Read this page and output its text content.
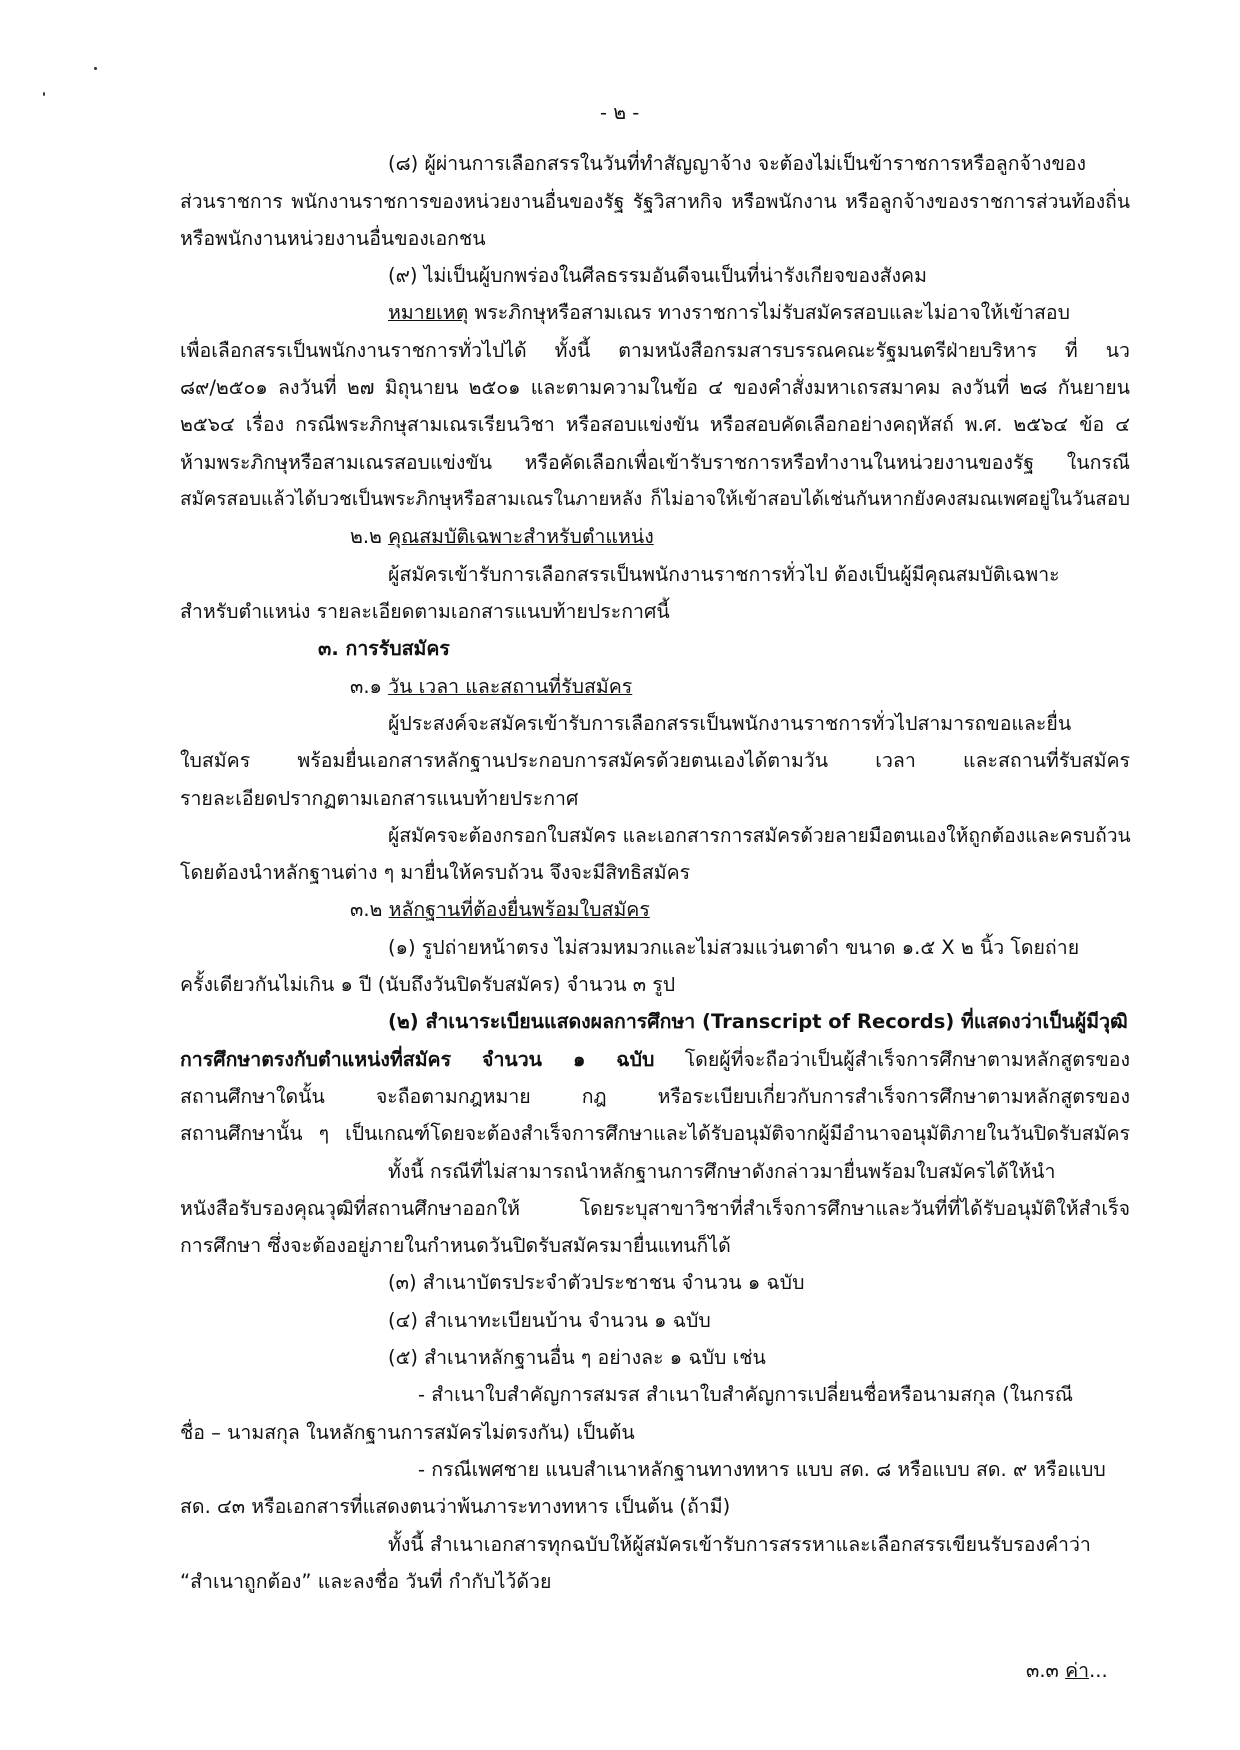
- ๒ -
(๘) ผู้ผ่านการเลือกสรรในวันที่ทำสัญญาจ้าง จะต้องไม่เป็นข้าราชการหรือลูกจ้างของ
ส่วนราชการ พนักงานราชการของหน่วยงานอื่นของรัฐ รัฐวิสาหกิจ หรือพนักงาน หรือลูกจ้างของราชการส่วนท้องถิ่น
หรือพนักงานหน่วยงานอื่นของเอกชน
(๙) ไม่เป็นผู้บกพร่องในศีลธรรมอันดีจนเป็นที่น่ารังเกียจของสังคม
หมายเหตุ พระภิกษุหรือสามเณร ทางราชการไม่รับสมัครสอบและไม่อาจให้เข้าสอบ
เพื่อเลือกสรรเป็นพนักงานราชการทั่วไปได้ ทั้งนี้ ตามหนังสือกรมสารบรรณคณะรัฐมนตรีฝ่ายบริหาร ที่ นว
๘๙/๒๕๐๑ ลงวันที่ ๒๗ มิถุนายน ๒๕๐๑ และตามความในข้อ ๔ ของคำสั่งมหาเถรสมาคม ลงวันที่ ๒๘ กันยายน
๒๕๖๔ เรื่อง กรณีพระภิกษุสามเณรเรียนวิชา หรือสอบแข่งขัน หรือสอบคัดเลือกอย่างคฤหัสถ์ พ.ศ. ๒๕๖๔ ข้อ ๔
ห้ามพระภิกษุหรือสามเณรสอบแข่งขัน หรือคัดเลือกเพื่อเข้ารับราชการหรือทำงานในหน่วยงานของรัฐ ในกรณี
สมัครสอบแล้วได้บวชเป็นพระภิกษุหรือสามเณรในภายหลัง ก็ไม่อาจให้เข้าสอบได้เช่นกันหากยังคงสมณเพศอยู่ในวันสอบ
๒.๒ คุณสมบัติเฉพาะสำหรับตำแหน่ง
ผู้สมัครเข้ารับการเลือกสรรเป็นพนักงานราชการทั่วไป ต้องเป็นผู้มีคุณสมบัติเฉพาะ
สำหรับตำแหน่ง รายละเอียดตามเอกสารแนบท้ายประกาศนี้
๓. การรับสมัคร
๓.๑ วัน เวลา และสถานที่รับสมัคร
ผู้ประสงค์จะสมัครเข้ารับการเลือกสรรเป็นพนักงานราชการทั่วไปสามารถขอและยื่น
ใบสมัคร พร้อมยื่นเอกสารหลักฐานประกอบการสมัครด้วยตนเองได้ตามวัน เวลา และสถานที่รับสมัคร
รายละเอียดปรากฏตามเอกสารแนบท้ายประกาศ
ผู้สมัครจะต้องกรอกใบสมัคร และเอกสารการสมัครด้วยลายมือตนเองให้ถูกต้องและครบถ้วน
โดยต้องนำหลักฐานต่าง ๆ มายื่นให้ครบถ้วน จึงจะมีสิทธิสมัคร
๓.๒ หลักฐานที่ต้องยื่นพร้อมใบสมัคร
(๑) รูปถ่ายหน้าตรง ไม่สวมหมวกและไม่สวมแว่นตาดำ ขนาด ๑.๕ X ๒ นิ้ว โดยถ่าย
ครั้งเดียวกันไม่เกิน ๑ ปี (นับถึงวันปิดรับสมัคร) จำนวน ๓ รูป
(๒) สำเนาระเบียนแสดงผลการศึกษา (Transcript of Records) ที่แสดงว่าเป็นผู้มีวุฒิ
การศึกษาตรงกับตำแหน่งที่สมัคร จำนวน ๑ ฉบับ โดยผู้ที่จะถือว่าเป็นผู้สำเร็จการศึกษาตามหลักสูตรของ
สถานศึกษาใดนั้น จะถือตามกฎหมาย กฎ หรือระเบียบเกี่ยวกับการสำเร็จการศึกษาตามหลักสูตรของ
สถานศึกษานั้น ๆ เป็นเกณฑ์โดยจะต้องสำเร็จการศึกษาและได้รับอนุมัติจากผู้มีอำนาจอนุมัติภายในวันปิดรับสมัคร
ทั้งนี้ กรณีที่ไม่สามารถนำหลักฐานการศึกษาดังกล่าวมายื่นพร้อมใบสมัครได้ให้นำ
หนังสือรับรองคุณวุฒิที่สถานศึกษาออกให้ โดยระบุสาขาวิชาที่สำเร็จการศึกษาและวันที่ที่ได้รับอนุมัติให้สำเร็จ
การศึกษา ซึ่งจะต้องอยู่ภายในกำหนดวันปิดรับสมัครมายื่นแทนก็ได้
(๓) สำเนาบัตรประจำตัวประชาชน จำนวน ๑ ฉบับ
(๔) สำเนาทะเบียนบ้าน จำนวน ๑ ฉบับ
(๕) สำเนาหลักฐานอื่น ๆ อย่างละ ๑ ฉบับ เช่น
- สำเนาใบสำคัญการสมรส สำเนาใบสำคัญการเปลี่ยนชื่อหรือนามสกุล (ในกรณี
ชื่อ – นามสกุล ในหลักฐานการสมัครไม่ตรงกัน) เป็นต้น
- กรณีเพศชาย แนบสำเนาหลักฐานทางทหาร แบบ สด. ๘ หรือแบบ สด. ๙ หรือแบบ
สด. ๔๓ หรือเอกสารที่แสดงตนว่าพ้นภาระทางทหาร เป็นต้น (ถ้ามี)
ทั้งนี้ สำเนาเอกสารทุกฉบับให้ผู้สมัครเข้ารับการสรรหาและเลือกสรรเขียนรับรองคำว่า
“สำเนาถูกต้อง” และลงชื่อ วันที่ กำกับไว้ด้วย
๓.๓ ค่า...
